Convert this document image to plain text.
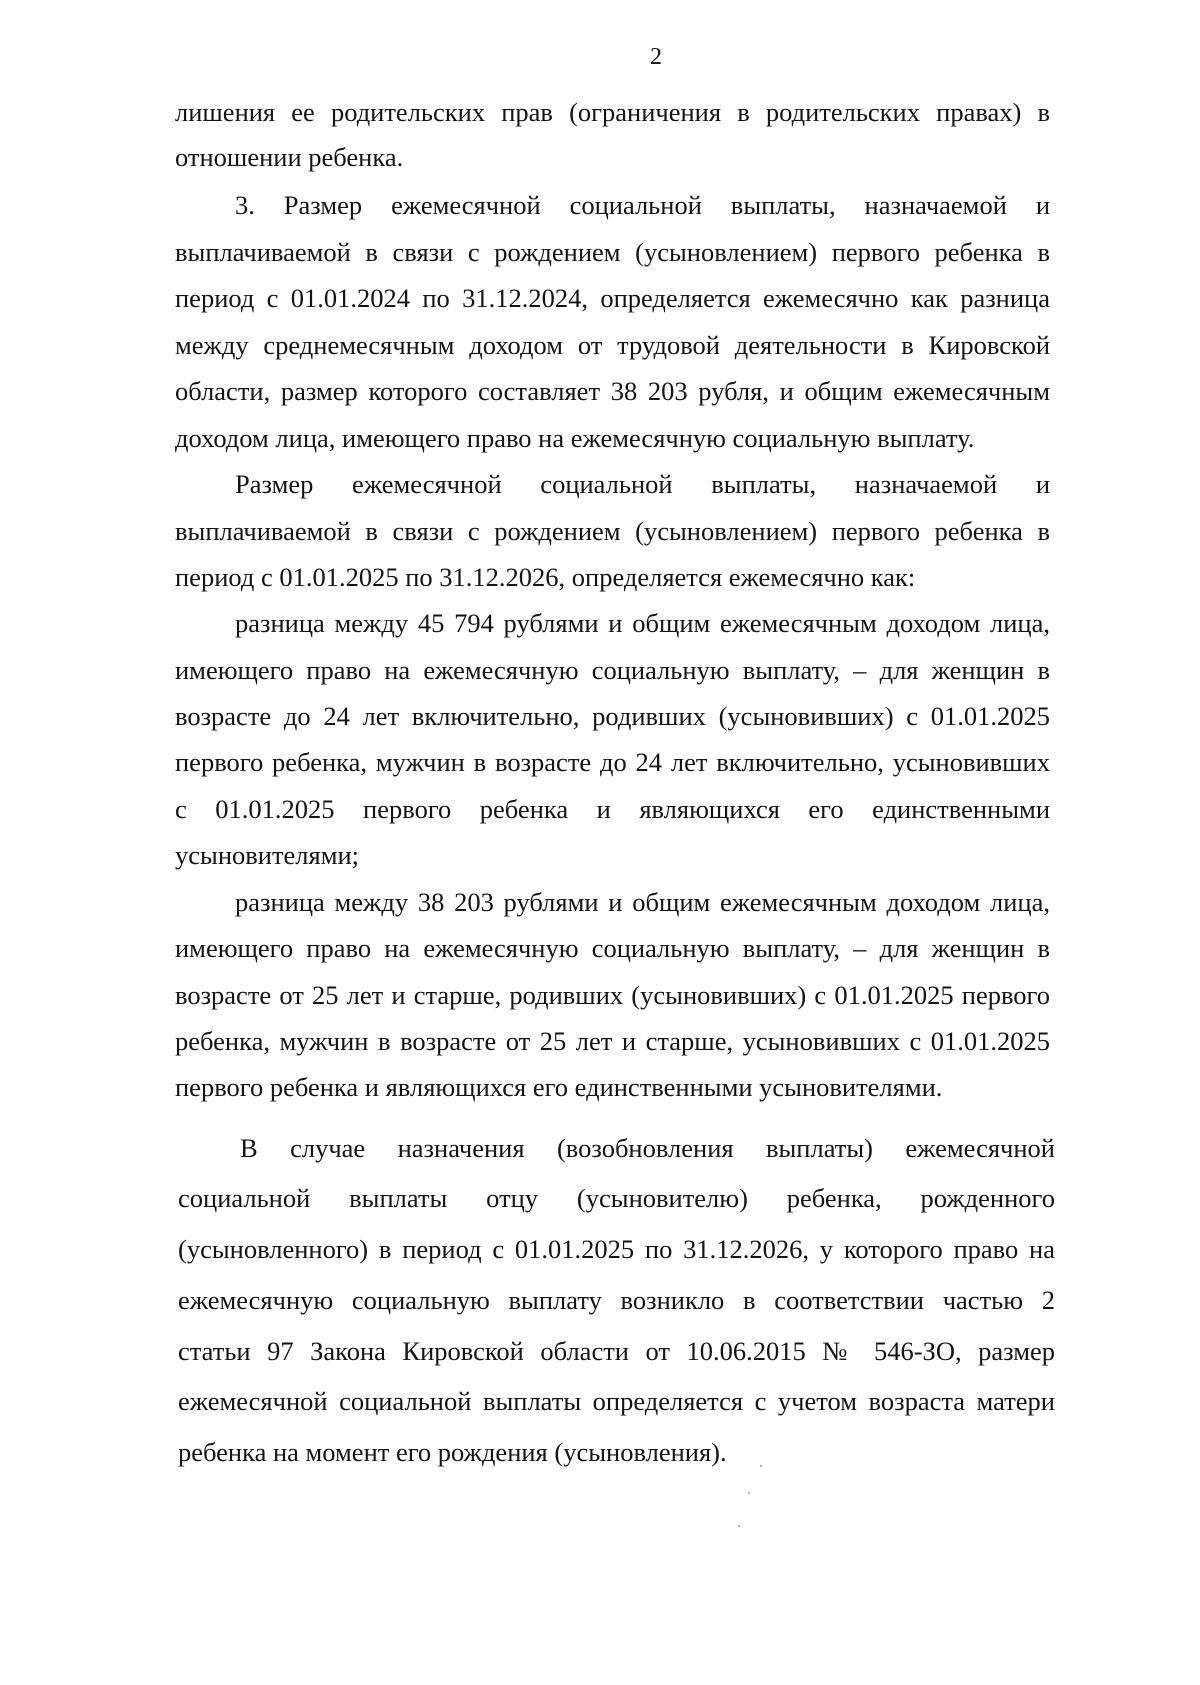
2

лишения ее родительских прав (ограничения в родительских правах) в

отношении ребенка.

3. Размер ежемесячной социальной выплаты, назначаемой и

выплачиваемой в связи с рождением (усыновлением) первого ребенка в

период с 01.01.2024 по 31.12.2024, определяется ежемесячно как разница

между среднемесячным доходом от трудовой деятельности в Кировской

области, размер которого составляет 38 203 рубля, и общим ежемесячным

доходом лица, имеющего право на ежемесячную социальную выплату.

Размер ежемесячной социальной выплаты, назначаемой и

выплачиваемой в связи с рождением (усыновлением) первого ребенка в

период с 01.01.2025 по 31.12.2026, определяется ежемесячно как:

разница между 45 794 рублями и общим ежемесячным доходом лица,

имеющего право на ежемесячную социальную выплату, – для женщин в

возрасте до 24 лет включительно, родивших (усыновивших) с 01.01.2025

первого ребенка, мужчин в возрасте до 24 лет включительно, усыновивших

с 01.01.2025 первого ребенка и являющихся его единственными

усыновителями;

разница между 38 203 рублями и общим ежемесячным доходом лица,

имеющего право на ежемесячную социальную выплату, – для женщин в

возрасте от 25 лет и старше, родивших (усыновивших) с 01.01.2025 первого

ребенка, мужчин в возрасте от 25 лет и старше, усыновивших с 01.01.2025

первого ребенка и являющихся его единственными усыновителями.

В случае назначения (возобновления выплаты) ежемесячной

социальной выплаты отцу (усыновителю) ребенка, рожденного

(усыновленного) в период с 01.01.2025 по 31.12.2026, у которого право на

ежемесячную социальную выплату возникло в соответствии частью 2

статьи 97 Закона Кировской области от 10.06.2015 № 546-ЗО, размер

ежемесячной социальной выплаты определяется с учетом возраста матери

ребенка на момент его рождения (усыновления).
